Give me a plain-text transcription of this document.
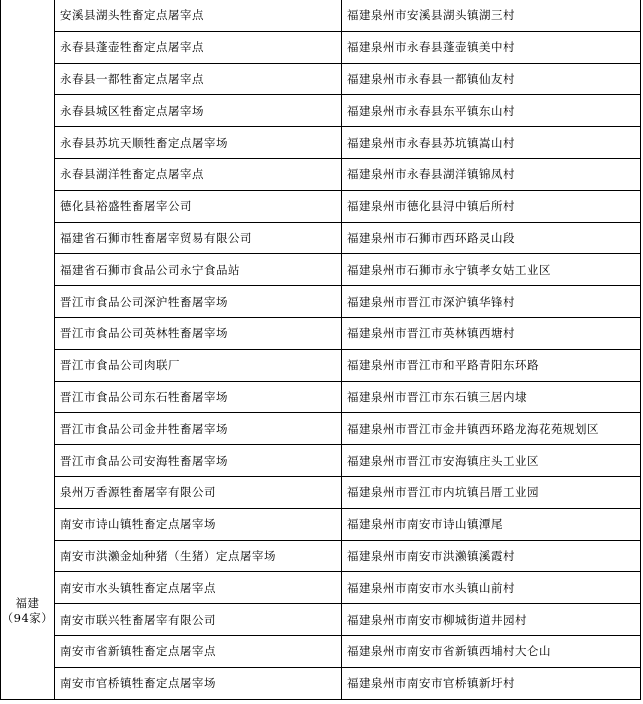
福建
（94家）	安溪县湖头牲畜定点屠宰点	福建泉州市安溪县湖头镇湖三村
	永春县蓬壶牲畜定点屠宰点	福建泉州市永春县蓬壶镇美中村
	永春县一都牲畜定点屠宰点	福建泉州市永春县一都镇仙友村
	永春县城区牲畜定点屠宰场	福建泉州市永春县东平镇东山村
	永春县苏坑天顺牲畜定点屠宰场	福建泉州市永春县苏坑镇嵩山村
	永春县湖洋牲畜定点屠宰点	福建泉州市永春县湖洋镇锦凤村
	德化县裕盛牲畜屠宰公司	福建泉州市德化县浔中镇后所村
	福建省石狮市牲畜屠宰贸易有限公司	福建泉州市石狮市西环路灵山段
	福建省石狮市食品公司永宁食品站	福建泉州市石狮市永宁镇孝女姑工业区
	晋江市食品公司深沪牲畜屠宰场	福建泉州市晋江市深沪镇华锋村
	晋江市食品公司英林牲畜屠宰场	福建泉州市晋江市英林镇西塘村
	晋江市食品公司肉联厂	福建泉州市晋江市和平路青阳东环路
	晋江市食品公司东石牲畜屠宰场	福建泉州市晋江市东石镇三居内埭
	晋江市食品公司金井牲畜屠宰场	福建泉州市晋江市金井镇西环路龙海花苑规划区
	晋江市食品公司安海牲畜屠宰场	福建泉州市晋江市安海镇庄头工业区
	泉州万香源牲畜屠宰有限公司	福建泉州市晋江市内坑镇吕厝工业园
	南安市诗山镇牲畜定点屠宰场	福建泉州市南安市诗山镇潭尾
	南安市洪濑金灿种猪（生猪）定点屠宰场	福建泉州市南安市洪濑镇溪霞村
	南安市水头镇牲畜定点屠宰点	福建泉州市南安市水头镇山前村
	南安市联兴牲畜屠宰有限公司	福建泉州市南安市柳城街道井园村
	南安市省新镇牲畜定点屠宰点	福建泉州市南安市省新镇西埔村大仑山
	南安市官桥镇牲畜定点屠宰场	福建泉州市南安市官桥镇新圩村
